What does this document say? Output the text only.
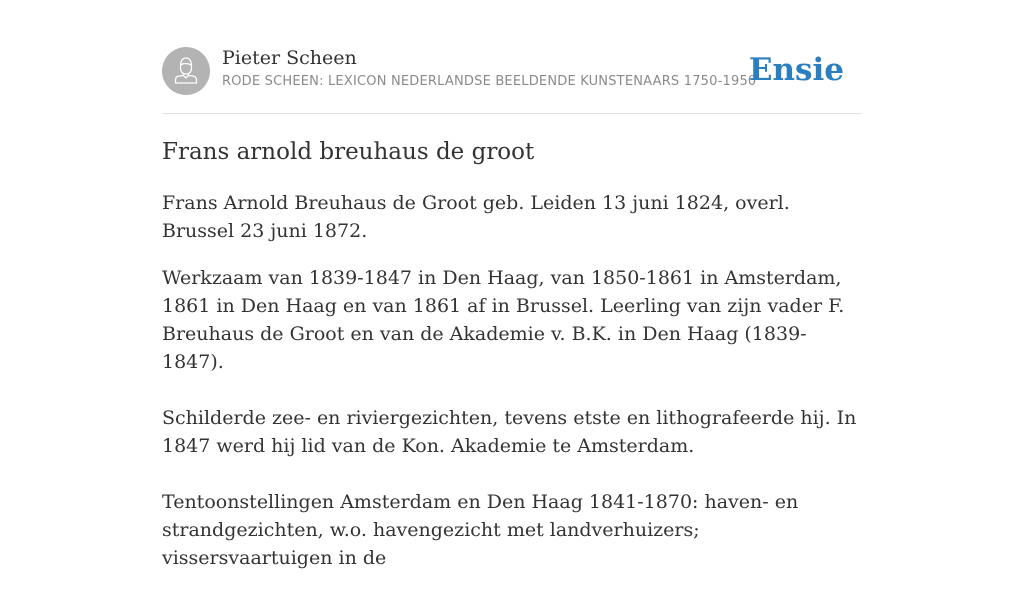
Pieter Scheen
RODE SCHEEN: LEXICON NEDERLANDSE BEELDENDE KUNSTENAARS 1750-1950
Ensie
Frans arnold breuhaus de groot

Frans Arnold Breuhaus de Groot geb. Leiden 13 juni 1824, overl. Brussel 23 juni 1872.

Werkzaam van 1839-1847 in Den Haag, van 1850-1861 in Amsterdam, 1861 in Den Haag en van 1861 af in Brussel. Leerling van zijn vader F. Breuhaus de Groot en van de Akademie v. B.K. in Den Haag (1839-1847).

Schilderde zee- en riviergezichten, tevens etste en lithografeerde hij. In 1847 werd hij lid van de Kon. Akademie te Amsterdam.

Tentoonstellingen Amsterdam en Den Haag 1841-1870: haven- en strandgezichten, w.o. havengezicht met landverhuizers; vissersvaartuigen in de
